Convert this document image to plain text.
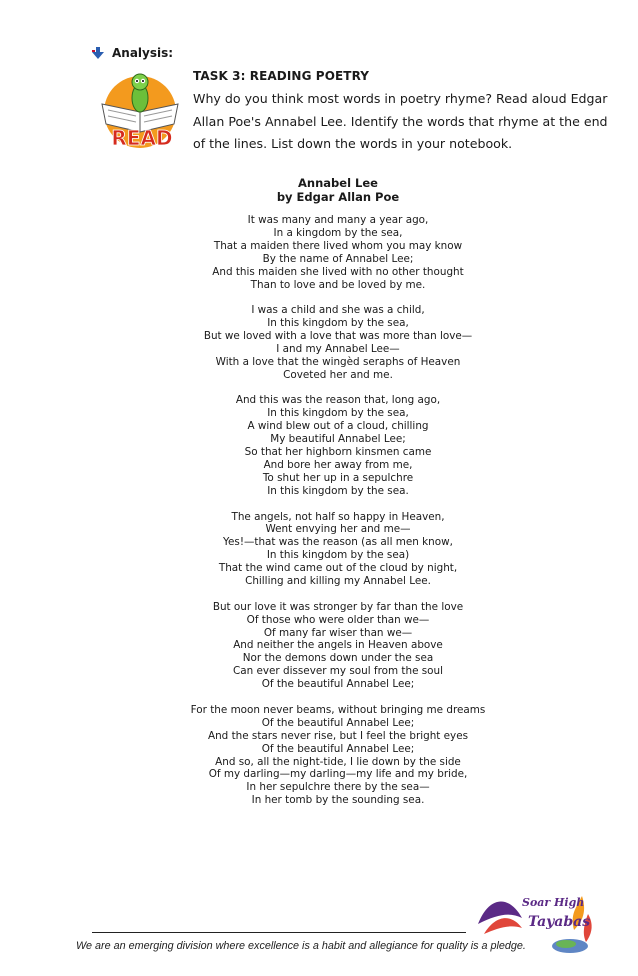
Analysis:
READ
TASK 3: READING POETRY
Why do you think most words in poetry rhyme? Read aloud Edgar
Allan Poe's Annabel Lee. Identify the words that rhyme at the end
of the lines. List down the words in your notebook.
Annabel Lee
by Edgar Allan Poe
It was many and many a year ago,
In a kingdom by the sea,
That a maiden there lived whom you may know
By the name of Annabel Lee;
And this maiden she lived with no other thought
Than to love and be loved by me.
I was a child and she was a child,
In this kingdom by the sea,
But we loved with a love that was more than love—
I and my Annabel Lee—
With a love that the wingèd seraphs of Heaven
Coveted her and me.
And this was the reason that, long ago,
In this kingdom by the sea,
A wind blew out of a cloud, chilling
My beautiful Annabel Lee;
So that her highborn kinsmen came
And bore her away from me,
To shut her up in a sepulchre
In this kingdom by the sea.
The angels, not half so happy in Heaven,
Went envying her and me—
Yes!—that was the reason (as all men know,
In this kingdom by the sea)
That the wind came out of the cloud by night,
Chilling and killing my Annabel Lee.
But our love it was stronger by far than the love
Of those who were older than we—
Of many far wiser than we—
And neither the angels in Heaven above
Nor the demons down under the sea
Can ever dissever my soul from the soul
Of the beautiful Annabel Lee;
For the moon never beams, without bringing me dreams
Of the beautiful Annabel Lee;
And the stars never rise, but I feel the bright eyes
Of the beautiful Annabel Lee;
And so, all the night-tide, I lie down by the side
Of my darling—my darling—my life and my bride,
In her sepulchre there by the sea—
In her tomb by the sounding sea.
We are an emerging division where excellence is a habit and allegiance for quality is a pledge.
Soar High
Tayabas
